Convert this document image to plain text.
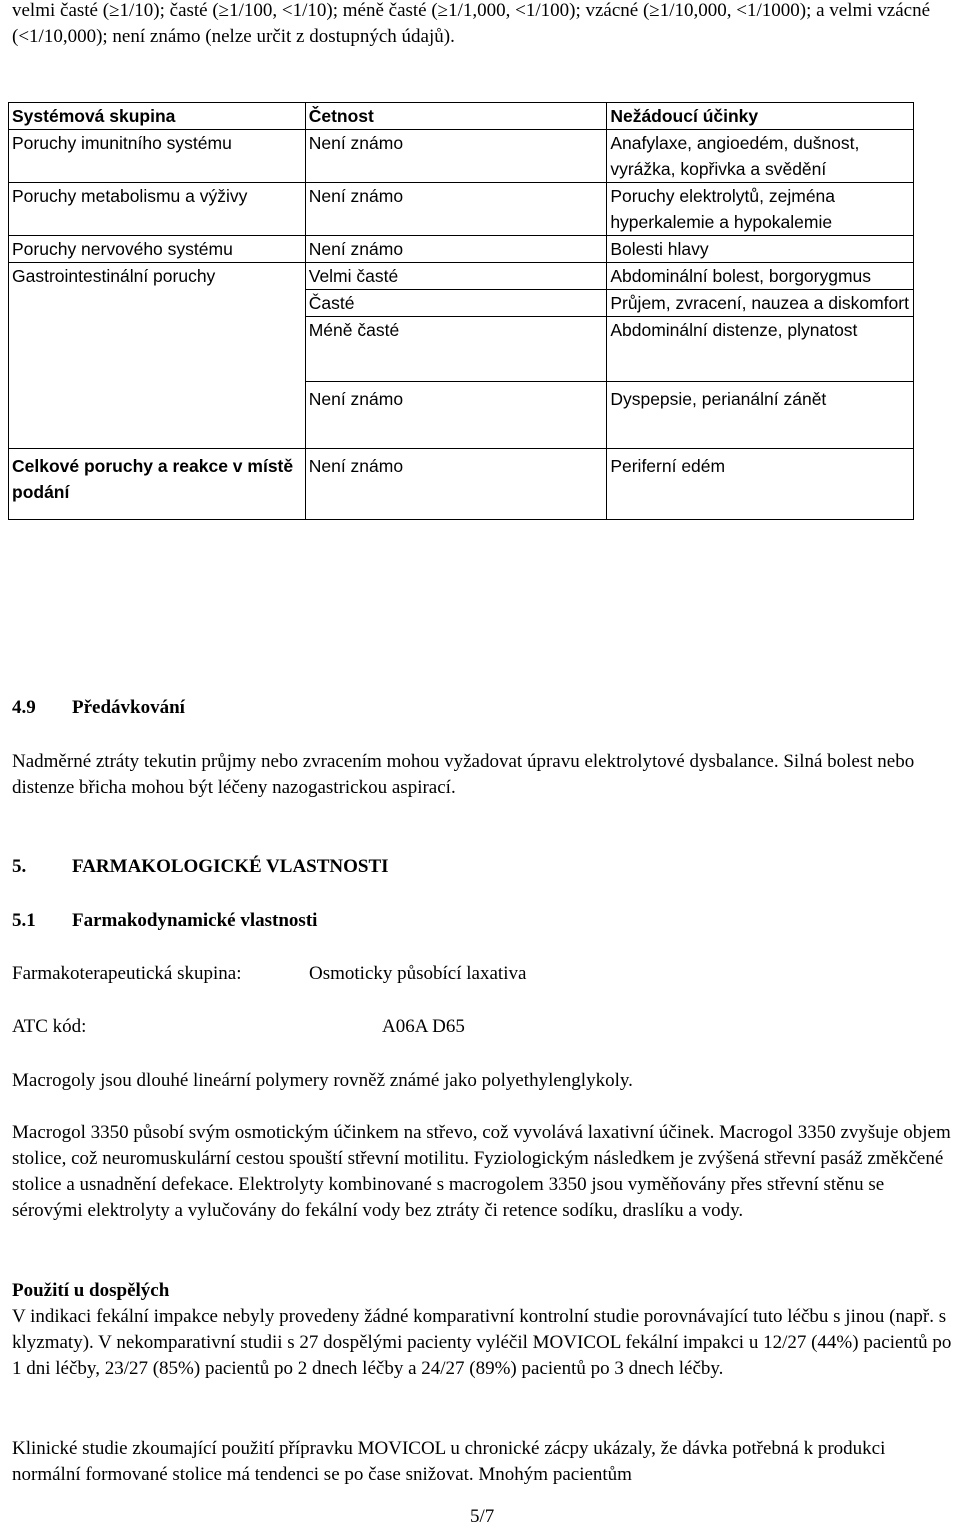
velmi časté (≥1/10); časté (≥1/100, <1/10); méně časté (≥1/1,000, <1/100); vzácné (≥1/10,000, <1/1000); a velmi vzácné (<1/10,000); není známo (nelze určit z dostupných údajů).
Systémová skupina	Četnost	Nežádoucí účinky
Poruchy imunitního systému	Není známo	Anafylaxe, angioedém, dušnost, vyrážka, kopřivka a svědění
Poruchy metabolismu a výživy	Není známo	Poruchy elektrolytů, zejména hyperkalemie a hypokalemie
Poruchy nervového systému	Není známo	Bolesti hlavy
Gastrointestinální poruchy	Velmi časté	Abdominální bolest, borgorygmus
	Časté	Průjem, zvracení, nauzea a diskomfort
	Méně časté	Abdominální distenze, plynatost
	Není známo	Dyspepsie, perianální zánět
Celkové poruchy a reakce v místě podání	Není známo	Periferní edém
4.9 Předávkování
Nadměrné ztráty tekutin průjmy nebo zvracením mohou vyžadovat úpravu elektrolytové dysbalance. Silná bolest nebo distenze břicha mohou být léčeny nazogastrickou aspirací.
5. FARMAKOLOGICKÉ VLASTNOSTI
5.1 Farmakodynamické vlastnosti
Farmakoterapeutická skupina:	Osmoticky působící laxativa
ATC kód:	A06A D65
Macrogoly jsou dlouhé lineární polymery rovněž známé jako polyethylenglykoly.
Macrogol 3350 působí svým osmotickým účinkem na střevo, což vyvolává laxativní účinek. Macrogol 3350 zvyšuje objem stolice, což neuromuskulární cestou spouští střevní motilitu. Fyziologickým následkem je zvýšená střevní pasáž změkčené stolice a usnadnění defekace. Elektrolyty kombinované s macrogolem 3350 jsou vyměňovány přes střevní stěnu se sérovými elektrolyty a vylučovány do fekální vody bez ztráty či retence sodíku, draslíku a vody.
Použití u dospělých
V indikaci fekální impakce nebyly provedeny žádné komparativní kontrolní studie porovnávající tuto léčbu s jinou (např. s klyzmaty). V nekomparativní studii s 27 dospělými pacienty vyléčil MOVICOL fekální impakci u 12/27 (44%) pacientů po 1 dni léčby, 23/27 (85%) pacientů po 2 dnech léčby a 24/27 (89%) pacientů po 3 dnech léčby.
Klinické studie zkoumající použití přípravku MOVICOL u chronické zácpy ukázaly, že dávka potřebná k produkci normální formované stolice má tendenci se po čase snižovat. Mnohým pacientům
5/7
